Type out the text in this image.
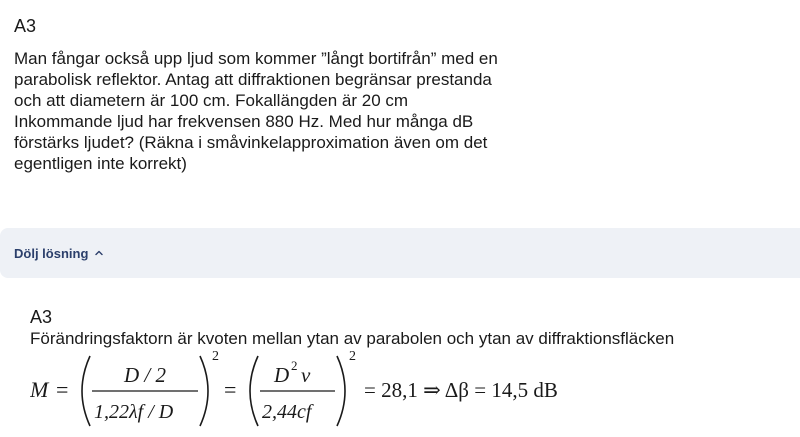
A3

Man fångar också upp ljud som kommer ”långt bortifrån” med en
parabolisk reflektor. Antag att diffraktionen begränsar prestanda
och att diametern är 100 cm. Fokallängden är 20 cm
Inkommande ljud har frekvensen 880 Hz. Med hur många dB
förstärks ljudet? (Räkna i småvinkelapproximation även om det
egentligen inte korrekt)

Dölj lösning
A3

Förändringsfaktorn är kvoten mellan ytan av parabolen och ytan av diffraktionsfläcken

M =
D / 2
1,22λf / D
2
=
D 2 ν
2,44cf
2
= 28,1 ⇒ Δβ = 14,5 dB
